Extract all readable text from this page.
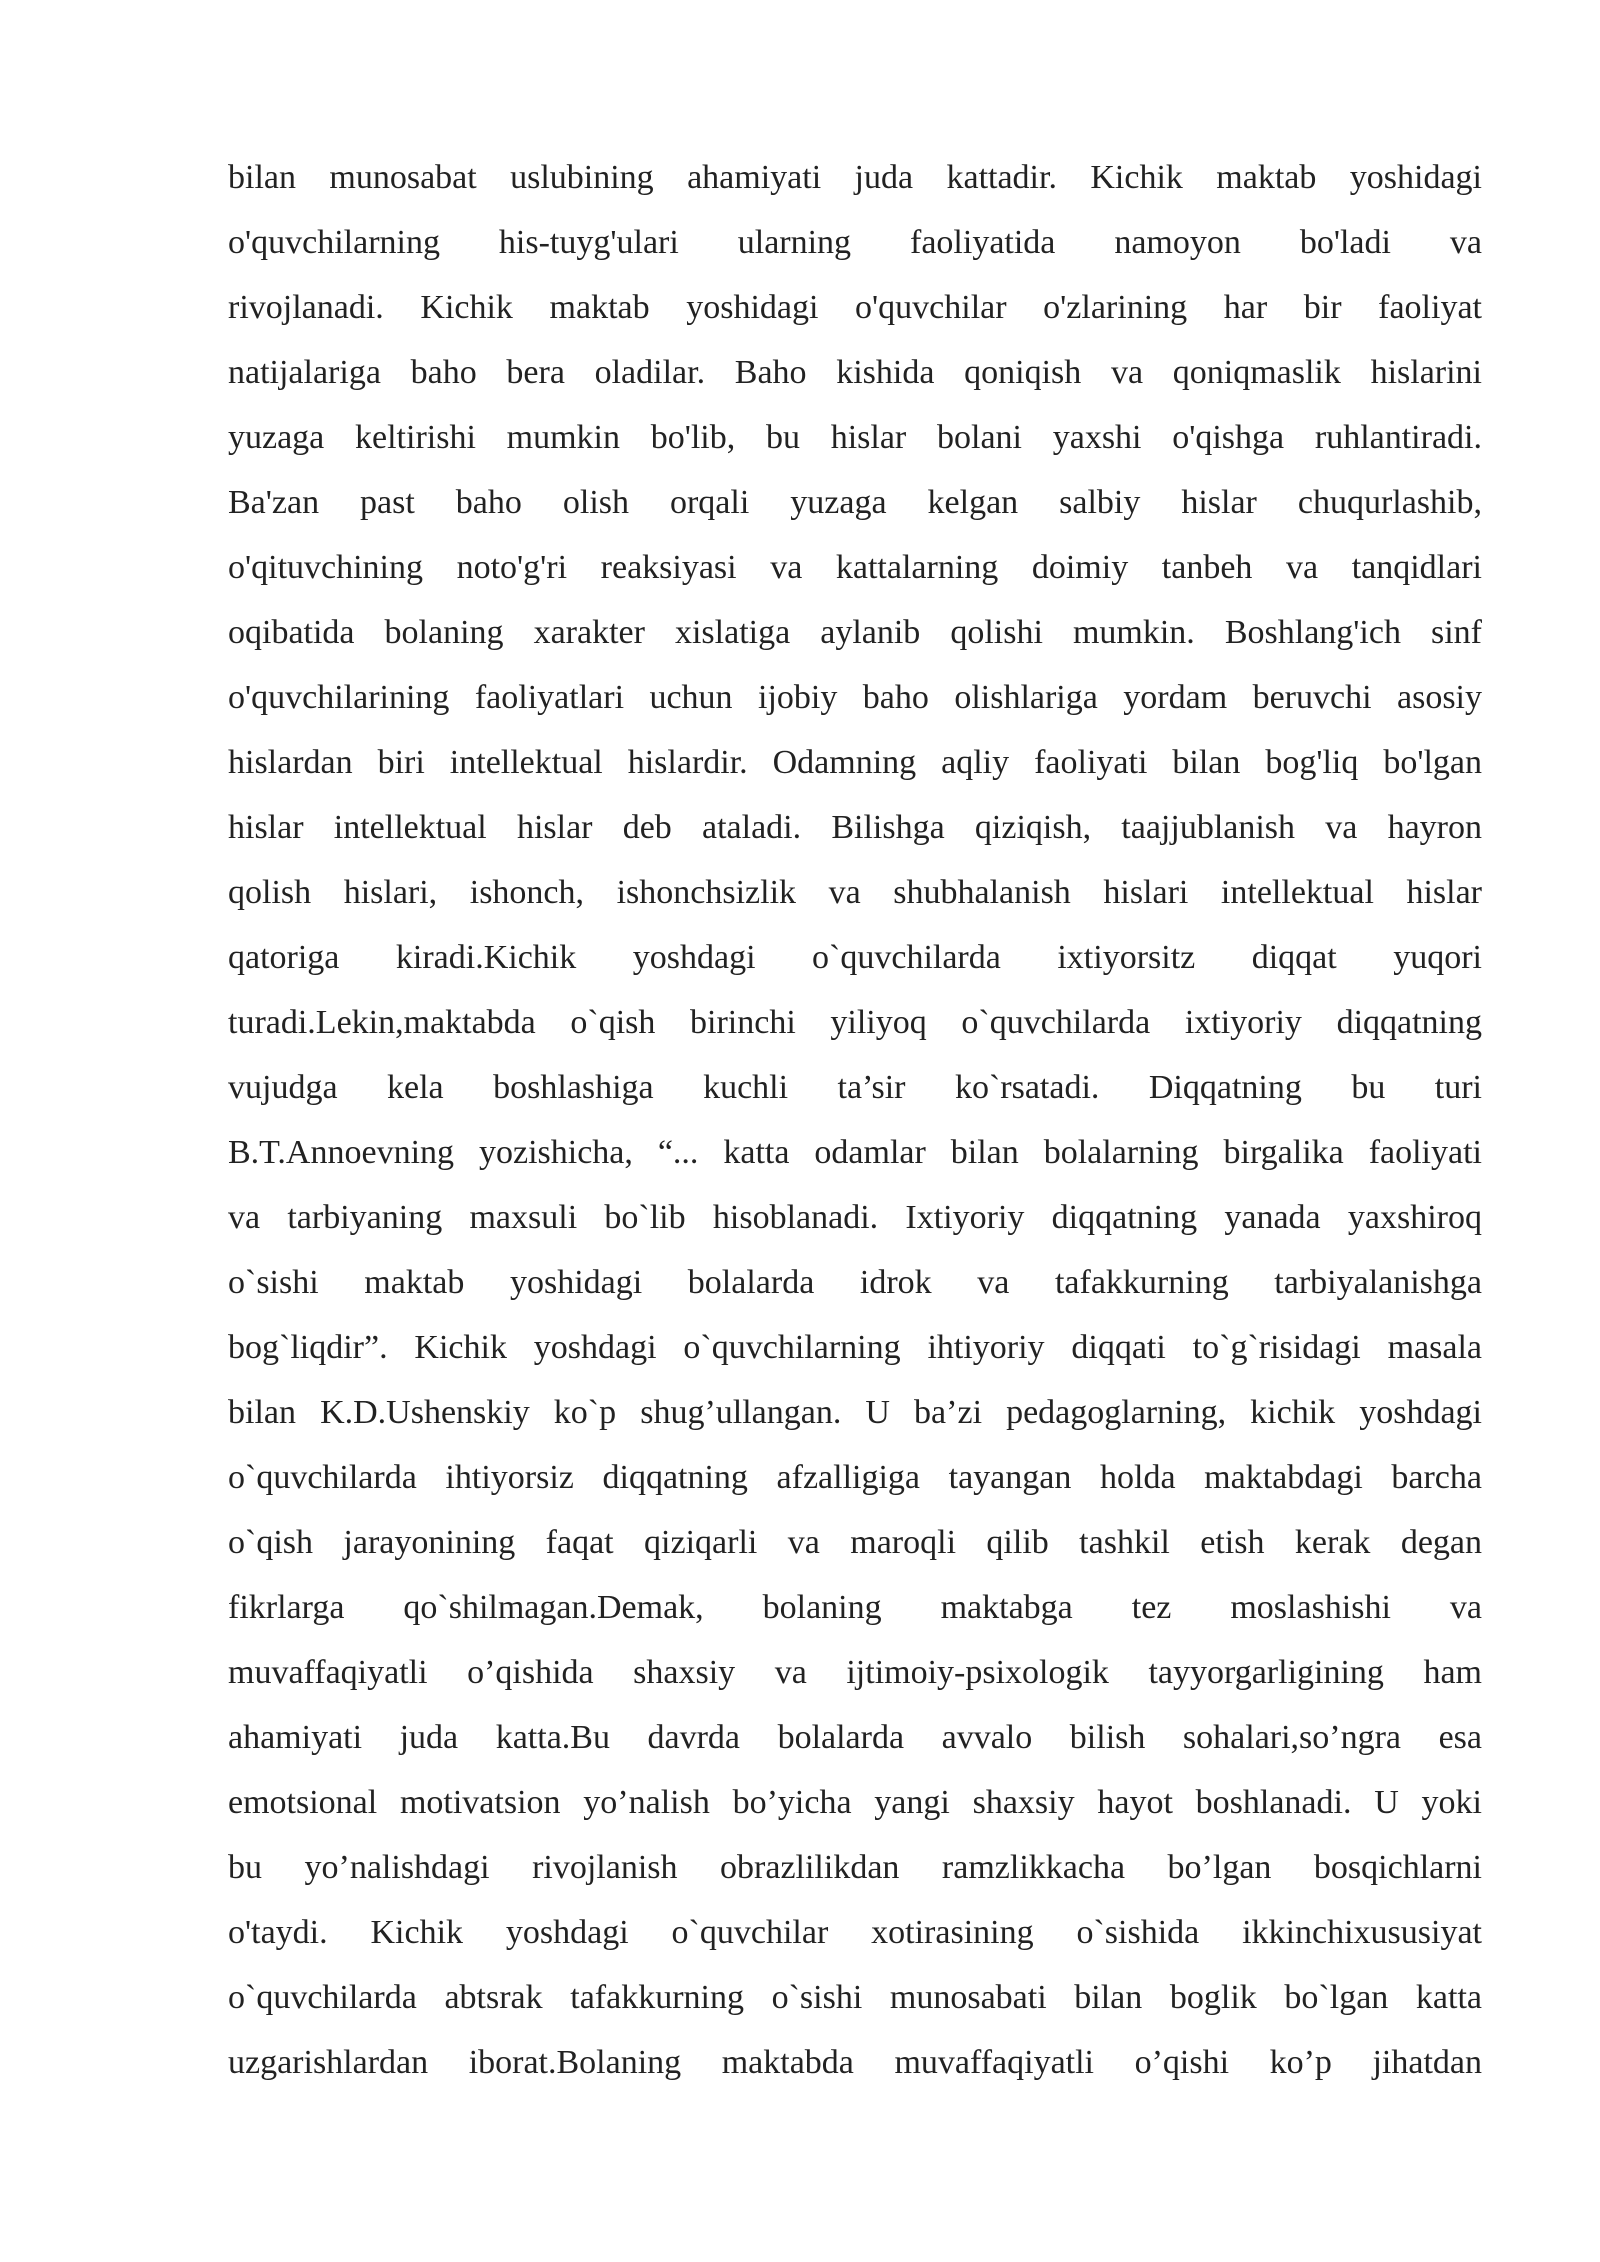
bilan munosabat uslubining ahamiyati juda kattadir. Kichik maktab yoshidagi
o'quvchilarning his-tuyg'ulari ularning faoliyatida namoyon bo'ladi va
rivojlanadi. Kichik maktab yoshidagi o'quvchilar o'zlarining har bir faoliyat
natijalariga baho bera oladilar. Baho kishida qoniqish va qoniqmaslik hislarini
yuzaga keltirishi mumkin bo'lib, bu hislar bolani yaxshi o'qishga ruhlantiradi.
Ba'zan past baho olish orqali yuzaga kelgan salbiy hislar chuqurlashib,
o'qituvchining noto'g'ri reaksiyasi va kattalarning doimiy tanbeh va tanqidlari
oqibatida bolaning xarakter xislatiga aylanib qolishi mumkin. Boshlang'ich sinf
o'quvchilarining faoliyatlari uchun ijobiy baho olishlariga yordam beruvchi asosiy
hislardan biri intellektual hislardir. Odamning aqliy faoliyati bilan bog'liq bo'lgan
hislar intellektual hislar deb ataladi. Bilishga qiziqish, taajjublanish va hayron
qolish hislari, ishonch, ishonchsizlik va shubhalanish hislari intellektual hislar
qatoriga kiradi.Kichik yoshdagi o`quvchilarda ixtiyorsitz diqqat yuqori
turadi.Lekin,maktabda o`qish birinchi yiliyoq o`quvchilarda ixtiyoriy diqqatning
vujudga kela boshlashiga kuchli ta’sir ko`rsatadi. Diqqatning bu turi
B.T.Annoevning yozishicha, “... katta odamlar bilan bolalarning birgalika faoliyati
va tarbiyaning maxsuli bo`lib hisoblanadi. Ixtiyoriy diqqatning yanada yaxshiroq
o`sishi maktab yoshidagi bolalarda idrok va tafakkurning tarbiyalanishga
bog`liqdir”. Kichik yoshdagi o`quvchilarning ihtiyoriy diqqati to`g`risidagi masala
bilan K.D.Ushenskiy ko`p shug’ullangan. U ba’zi pedagoglarning, kichik yoshdagi
o`quvchilarda ihtiyorsiz diqqatning afzalligiga tayangan holda maktabdagi barcha
o`qish jarayonining faqat qiziqarli va maroqli qilib tashkil etish kerak degan
fikrlarga qo`shilmagan.Demak, bolaning maktabga tez moslashishi va
muvaffaqiyatli o’qishida shaxsiy va ijtimoiy-psixologik tayyorgarligining ham
ahamiyati juda katta.Bu davrda bolalarda avvalo bilish sohalari,so’ngra esa
emotsional motivatsion yo’nalish bo’yicha yangi shaxsiy hayot boshlanadi. U yoki
bu yo’nalishdagi rivojlanish obrazlilikdan ramzlikkacha bo’lgan bosqichlarni
o'taydi. Kichik yoshdagi o`quvchilar xotirasining o`sishida ikkinchixususiyat
o`quvchilarda abtsrak tafakkurning o`sishi munosabati bilan boglik bo`lgan katta
uzgarishlardan iborat.Bolaning maktabda muvaffaqiyatli o’qishi ko’p jihatdan
